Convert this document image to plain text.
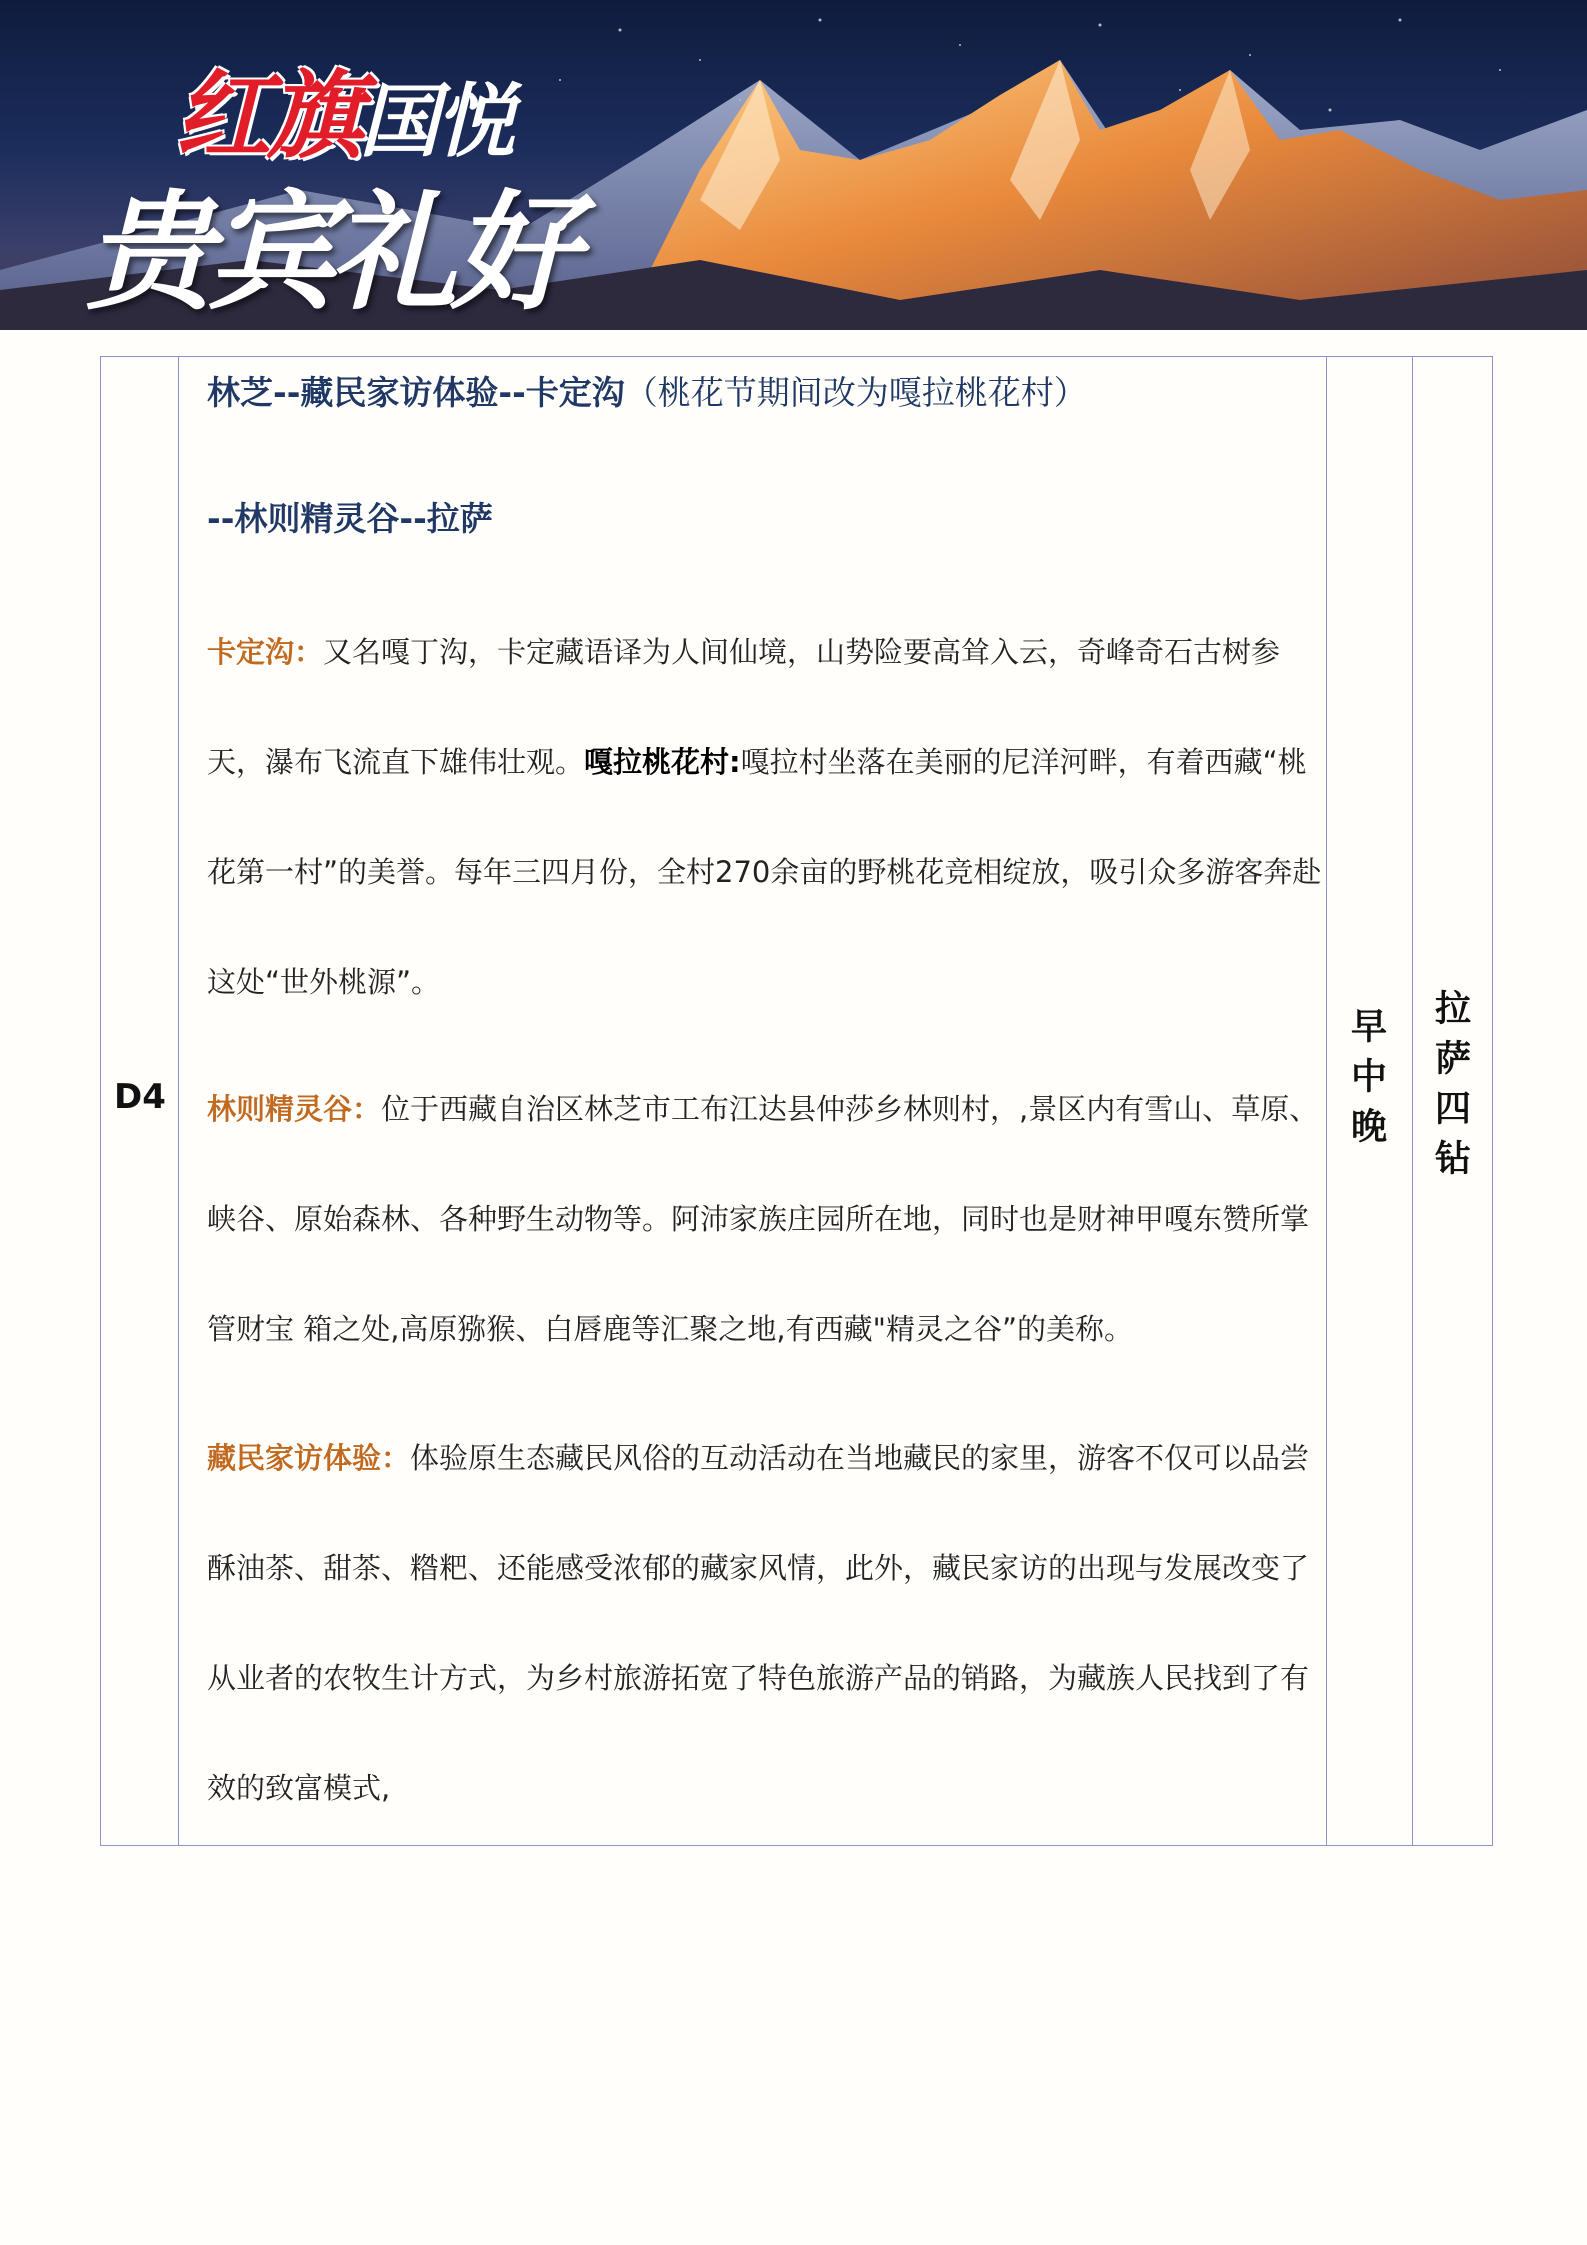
红旗国悦
贵宾礼好
D4
林芝--藏民家访体验--卡定沟（桃花节期间改为嘎拉桃花村）
--林则精灵谷--拉萨

卡定沟：又名嘎丁沟，卡定藏语译为人间仙境，山势险要高耸入云，奇峰奇石古树参天，瀑布飞流直下雄伟壮观。嘎拉桃花村:嘎拉村坐落在美丽的尼洋河畔，有着西藏“桃花第一村”的美誉。每年三四月份，全村270余亩的野桃花竞相绽放，吸引众多游客奔赴这处“世外桃源”。

林则精灵谷：位于西藏自治区林芝市工布江达县仲莎乡林则村，,景区内有雪山、草原、峡谷、原始森林、各种野生动物等。阿沛家族庄园所在地，同时也是财神甲嘎东赞所掌管财宝 箱之处,高原猕猴、白唇鹿等汇聚之地,有西藏"精灵之谷”的美称。

藏民家访体验：体验原生态藏民风俗的互动活动在当地藏民的家里，游客不仅可以品尝酥油茶、甜茶、糌粑、还能感受浓郁的藏家风情，此外，藏民家访的出现与发展改变了从业者的农牧生计方式，为乡村旅游拓宽了特色旅游产品的销路，为藏族人民找到了有效的致富模式,

早中晚 拉萨四钻
